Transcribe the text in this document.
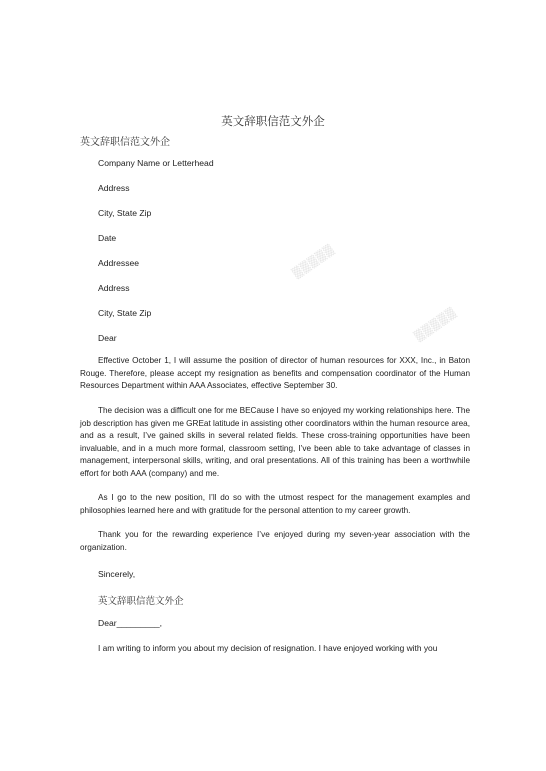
▒▒▒▒▒
▒▒▒▒▒
英文辞职信范文外企
英文辞职信范文外企
Company Name or Letterhead
Address
City, State Zip
Date
Addressee
Address
City, State Zip
Dear
Effective October 1, I will assume the position of director of human resources for XXX, Inc., in Baton Rouge. Therefore, please accept my resignation as benefits and compensation coordinator of the Human Resources Department within AAA Associates, effective September 30.
The decision was a difficult one for me BECause I have so enjoyed my working relationships here. The job description has given me GREat latitude in assisting other coordinators within the human resource area, and as a result, I’ve gained skills in several related fields. These cross-training opportunities have been invaluable, and in a much more formal, classroom setting, I’ve been able to take advantage of classes in management, interpersonal skills, writing, and oral presentations. All of this training has been a worthwhile effort for both AAA (company) and me.
As I go to the new position, I’ll do so with the utmost respect for the management examples and philosophies learned here and with gratitude for the personal attention to my career growth.
Thank you for the rewarding experience I’ve enjoyed during my seven-year association with the organization.
Sincerely,
英文辞职信范文外企
Dear_________,
I am writing to inform you about my decision of resignation. I have enjoyed working with you
